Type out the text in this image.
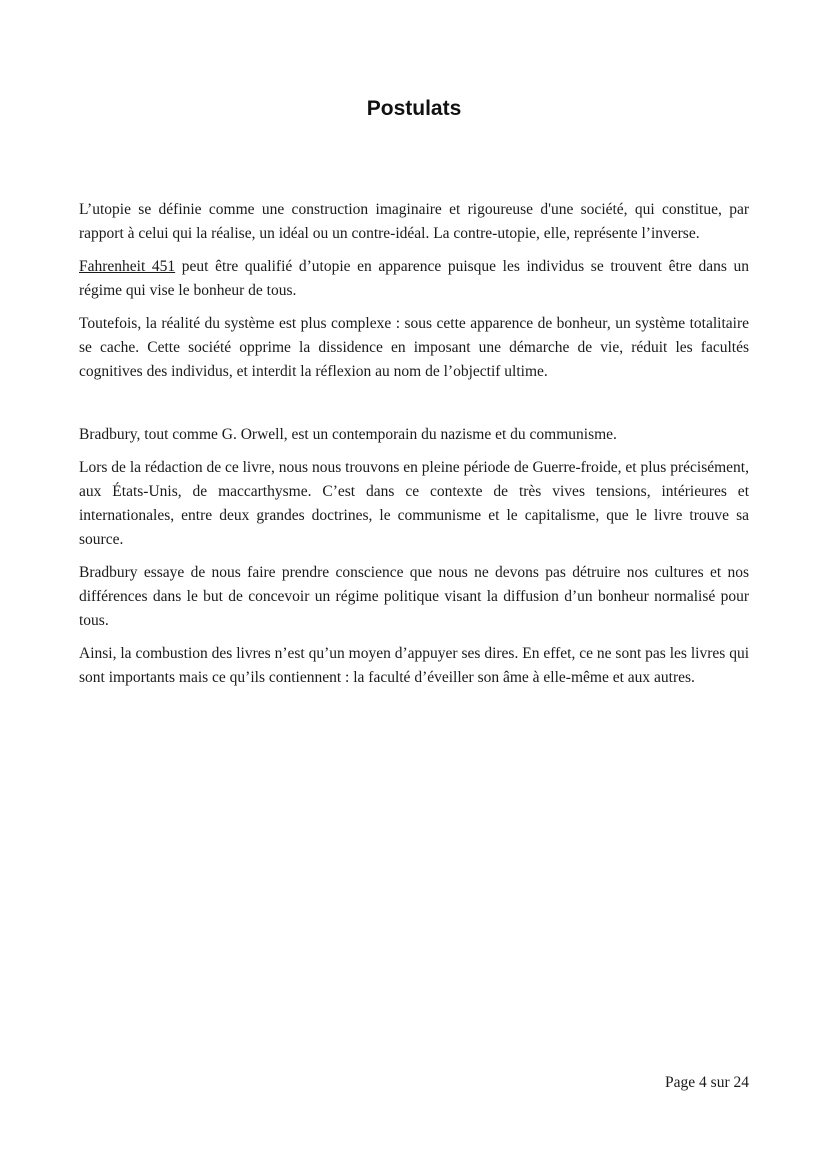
Postulats

L’utopie se définie comme une construction imaginaire et rigoureuse d'une société, qui constitue, par rapport à celui qui la réalise, un idéal ou un contre-idéal. La contre-utopie, elle, représente l’inverse.

Fahrenheit 451 peut être qualifié d’utopie en apparence puisque les individus se trouvent être dans un régime qui vise le bonheur de tous.

Toutefois, la réalité du système est plus complexe : sous cette apparence de bonheur, un système totalitaire se cache. Cette société opprime la dissidence en imposant une démarche de vie, réduit les facultés cognitives des individus, et interdit la réflexion au nom de l’objectif ultime.

Bradbury, tout comme G. Orwell, est un contemporain du nazisme et du communisme.

Lors de la rédaction de ce livre, nous nous trouvons en pleine période de Guerre-froide, et plus précisément, aux États-Unis, de maccarthysme. C’est dans ce contexte de très vives tensions, intérieures et internationales, entre deux grandes doctrines, le communisme et le capitalisme, que le livre trouve sa source.

Bradbury essaye de nous faire prendre conscience que nous ne devons pas détruire nos cultures et nos différences dans le but de concevoir un régime politique visant la diffusion d’un bonheur normalisé pour tous.

Ainsi, la combustion des livres n’est qu’un moyen d’appuyer ses dires. En effet, ce ne sont pas les livres qui sont importants mais ce qu’ils contiennent : la faculté d’éveiller son âme à elle-même et aux autres.

Page 4 sur 24
